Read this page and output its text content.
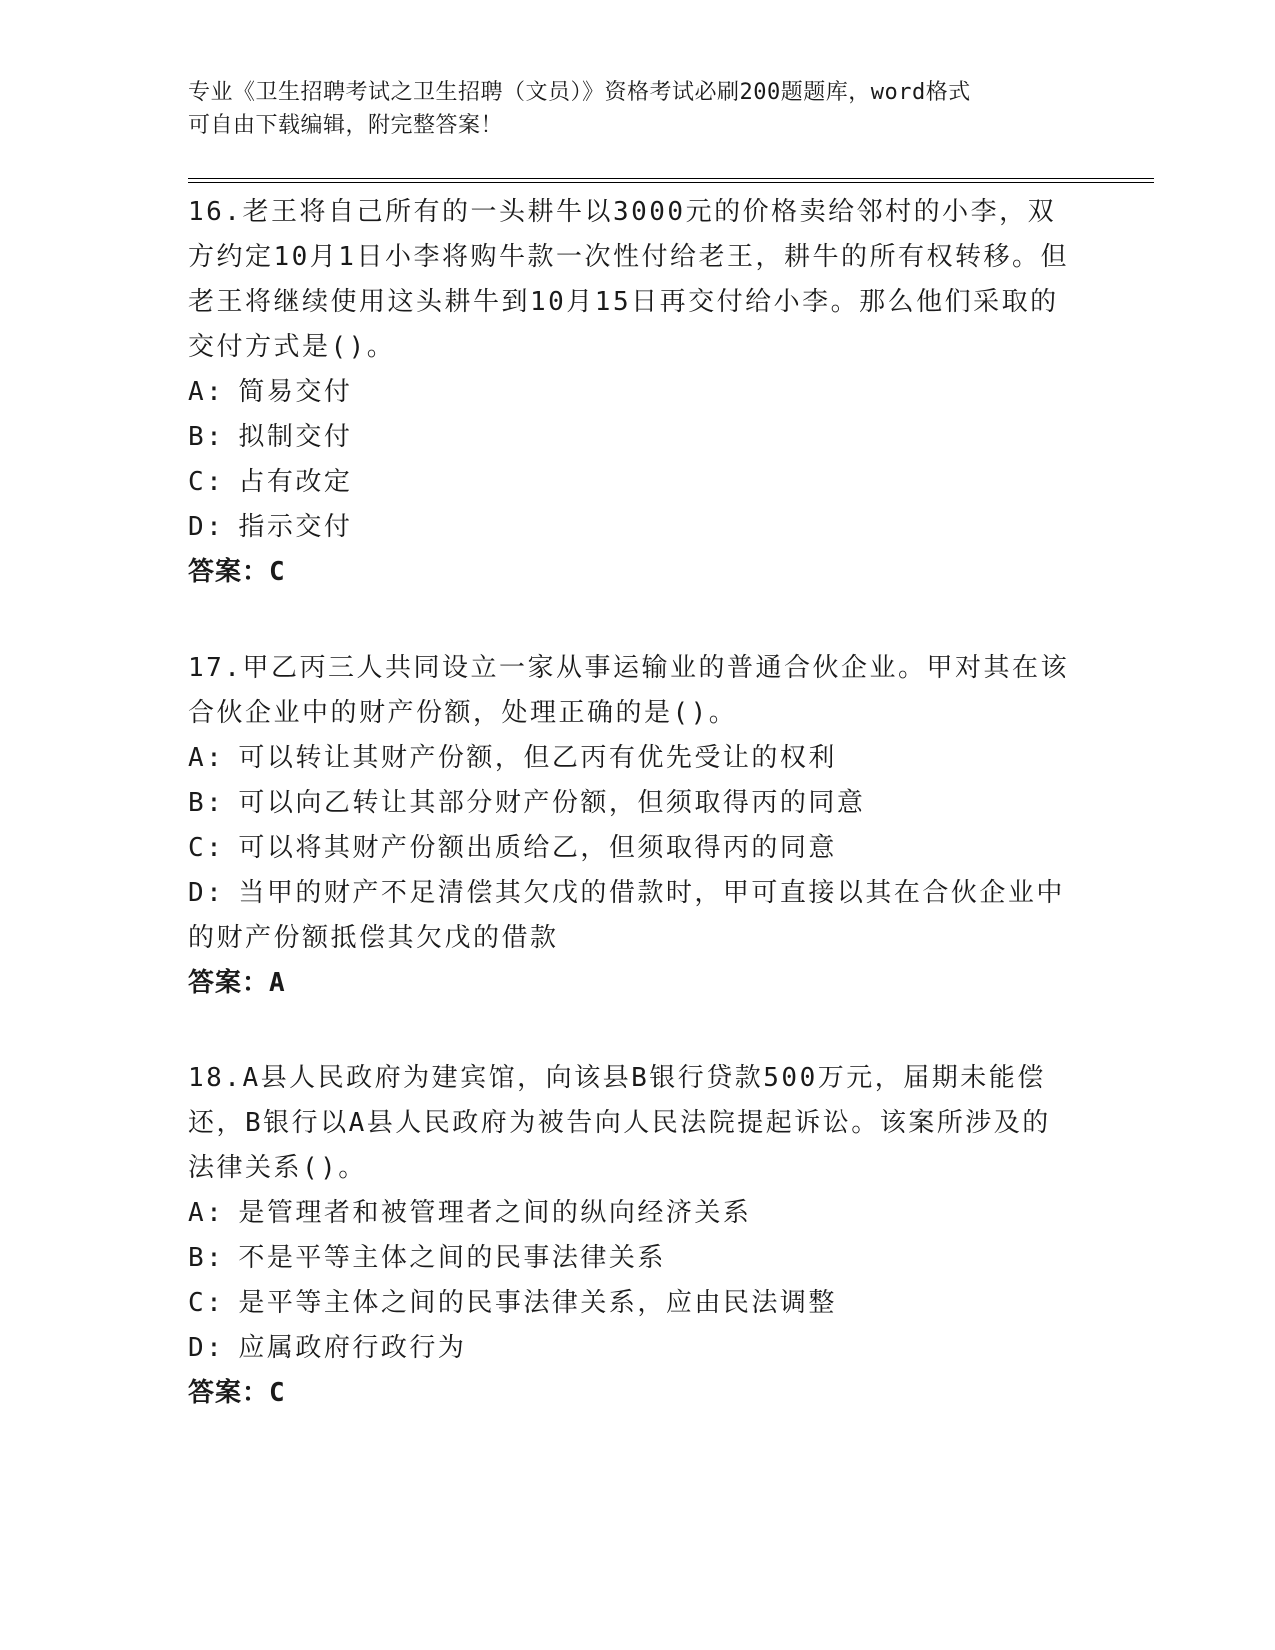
专业《卫生招聘考试之卫生招聘（文员）》资格考试必刷200题题库，word格式
可自由下载编辑，附完整答案！
16.老王将自己所有的一头耕牛以3000元的价格卖给邻村的小李，双方约定10月1日小李将购牛款一次性付给老王，耕牛的所有权转移。但老王将继续使用这头耕牛到10月15日再交付给小李。那么他们采取的交付方式是()。
A: 简易交付
B: 拟制交付
C: 占有改定
D: 指示交付
答案：C
17.甲乙丙三人共同设立一家从事运输业的普通合伙企业。甲对其在该合伙企业中的财产份额，处理正确的是()。
A: 可以转让其财产份额，但乙丙有优先受让的权利
B: 可以向乙转让其部分财产份额，但须取得丙的同意
C: 可以将其财产份额出质给乙，但须取得丙的同意
D: 当甲的财产不足清偿其欠戊的借款时，甲可直接以其在合伙企业中的财产份额抵偿其欠戊的借款
答案：A
18.A县人民政府为建宾馆，向该县B银行贷款500万元，届期未能偿还，B银行以A县人民政府为被告向人民法院提起诉讼。该案所涉及的法律关系()。
A: 是管理者和被管理者之间的纵向经济关系
B: 不是平等主体之间的民事法律关系
C: 是平等主体之间的民事法律关系，应由民法调整
D: 应属政府行政行为
答案：C
